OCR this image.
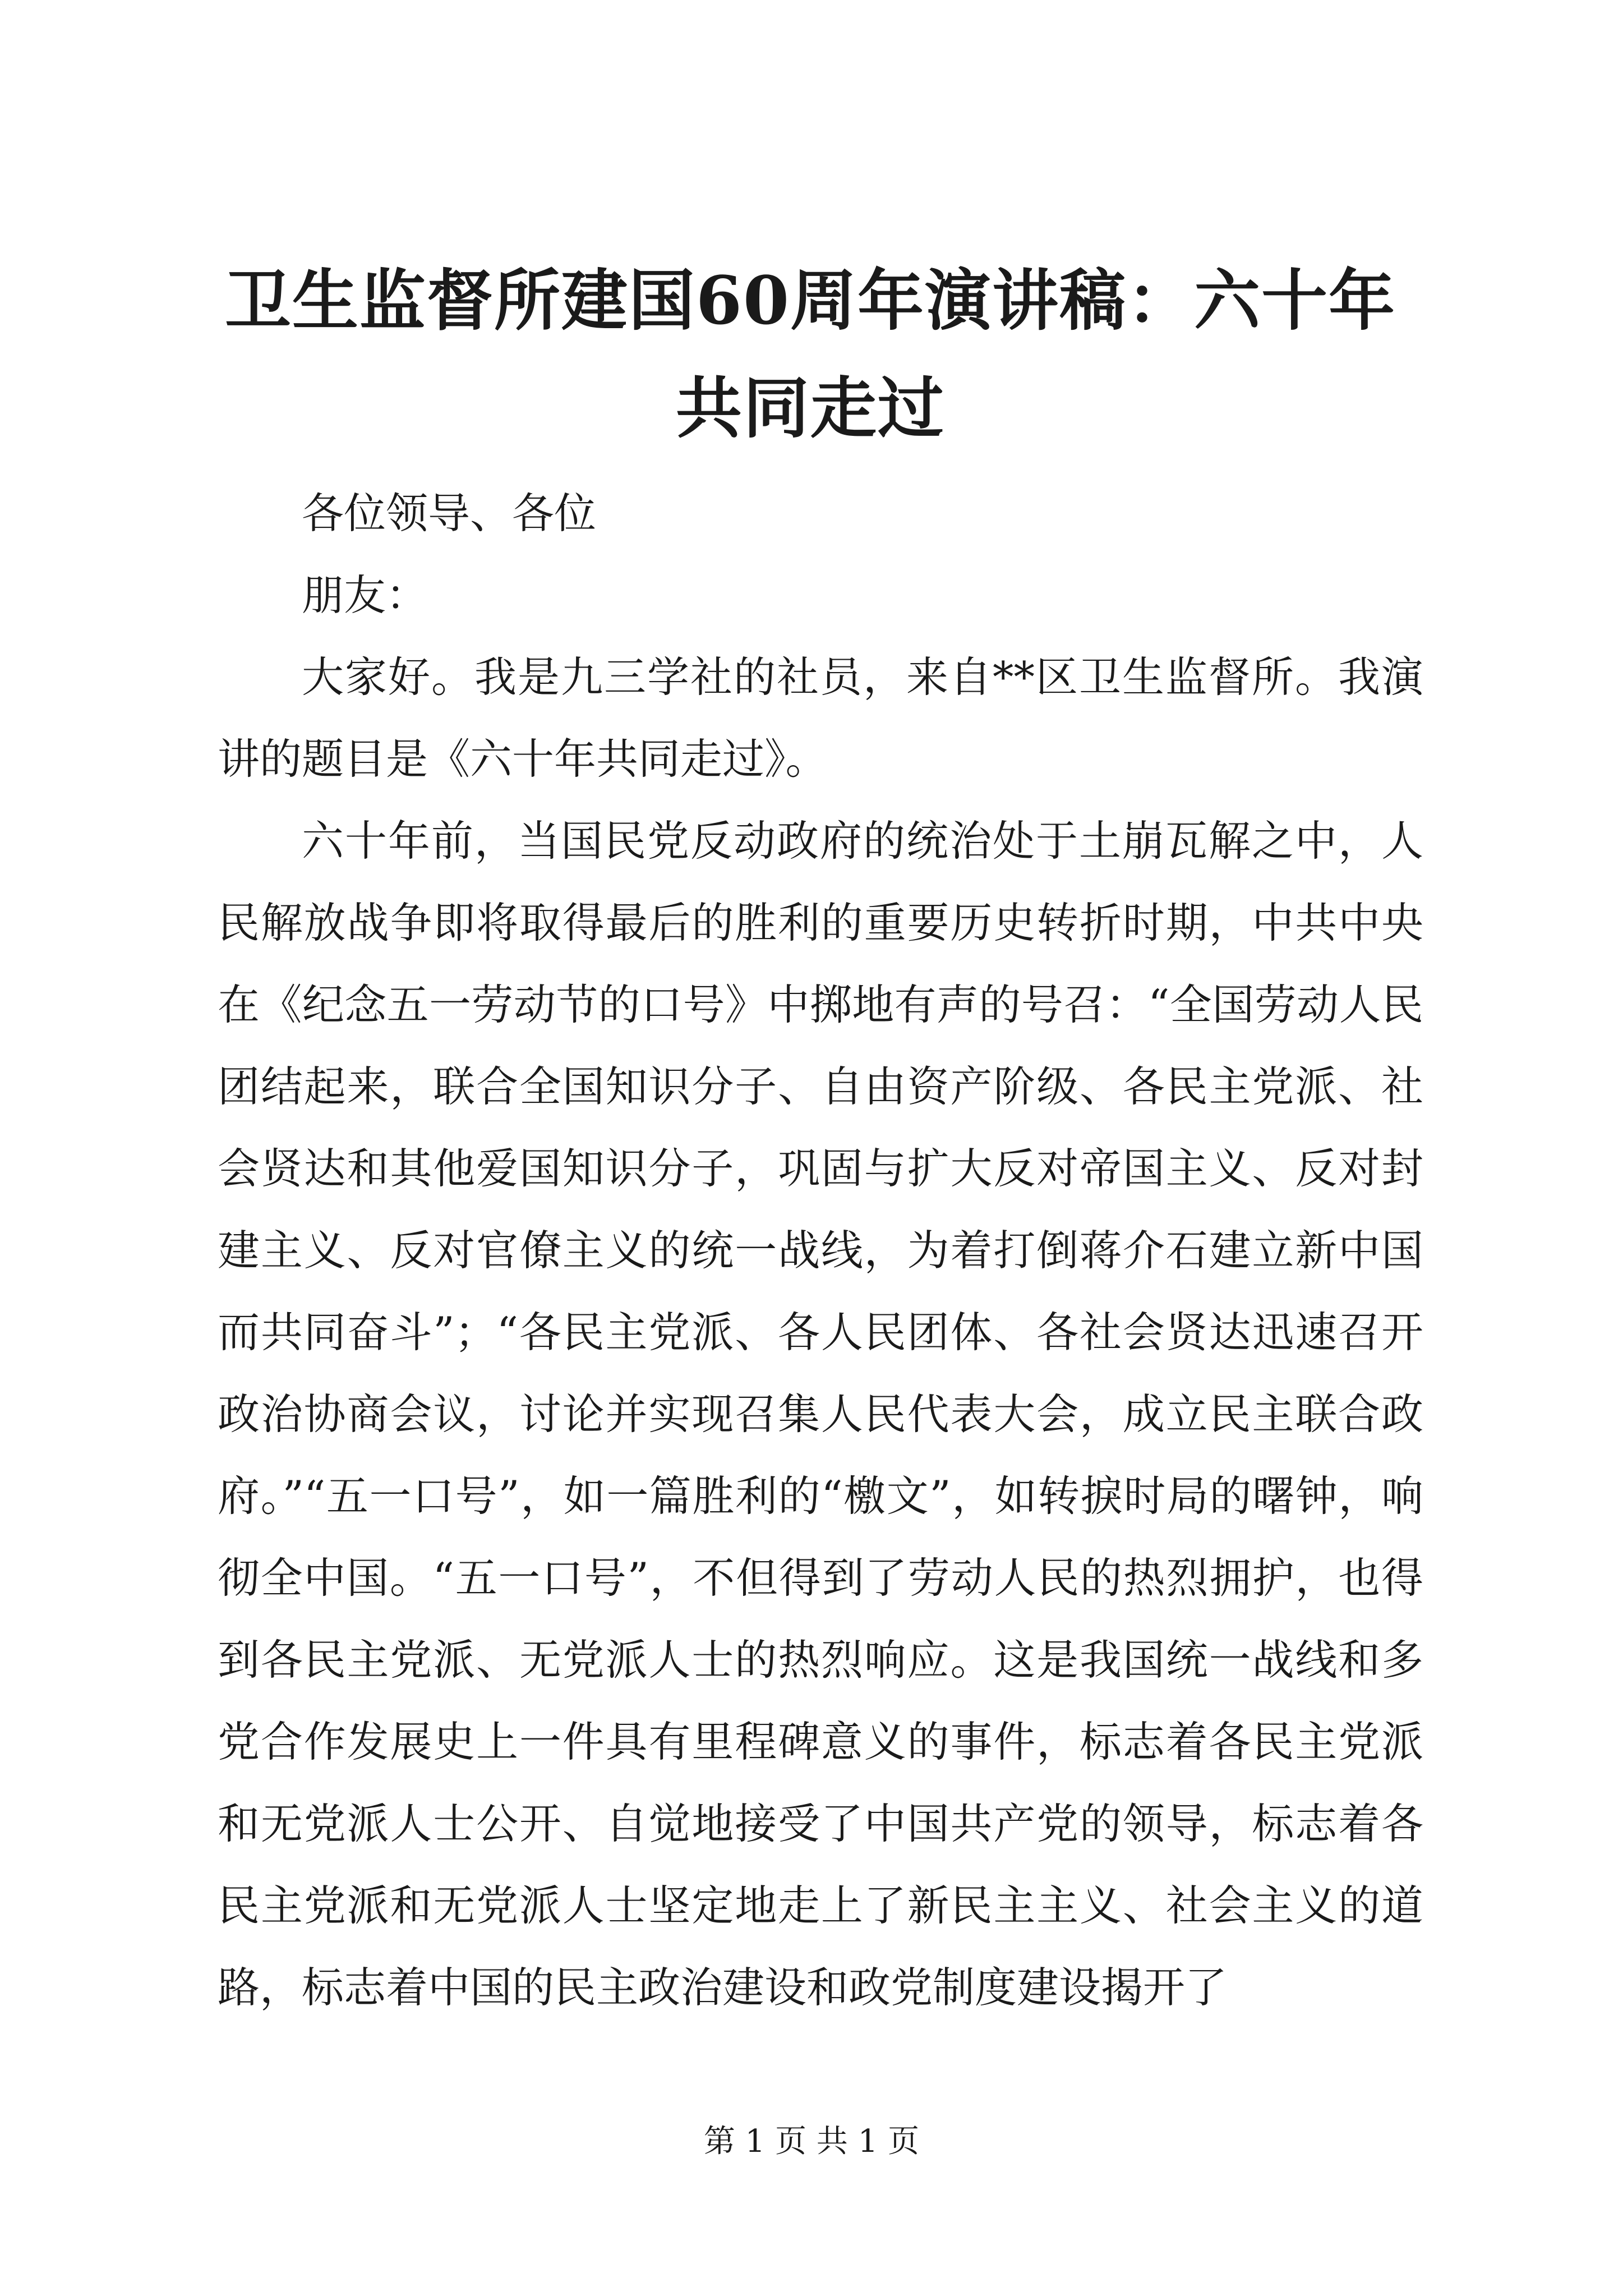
卫生监督所建国60周年演讲稿：六十年共同走过

各位领导、各位

朋友：

大家好。我是九三学社的社员，来自**区卫生监督所。我演讲的题目是《六十年共同走过》。

六十年前，当国民党反动政府的统治处于土崩瓦解之中，人民解放战争即将取得最后的胜利的重要历史转折时期，中共中央在《纪念五一劳动节的口号》中掷地有声的号召：“全国劳动人民团结起来，联合全国知识分子、自由资产阶级、各民主党派、社会贤达和其他爱国知识分子，巩固与扩大反对帝国主义、反对封建主义、反对官僚主义的统一战线，为着打倒蒋介石建立新中国而共同奋斗”；“各民主党派、各人民团体、各社会贤达迅速召开政治协商会议，讨论并实现召集人民代表大会，成立民主联合政府。”“五一口号”，如一篇胜利的“檄文”，如转捩时局的曙钟，响彻全中国。“五一口号”，不但得到了劳动人民的热烈拥护，也得到各民主党派、无党派人士的热烈响应。这是我国统一战线和多党合作发展史上一件具有里程碑意义的事件，标志着各民主党派和无党派人士公开、自觉地接受了中国共产党的领导，标志着各民主党派和无党派人士坚定地走上了新民主主义、社会主义的道路，标志着中国的民主政治建设和政党制度建设揭开了

第 1 页 共 1 页
